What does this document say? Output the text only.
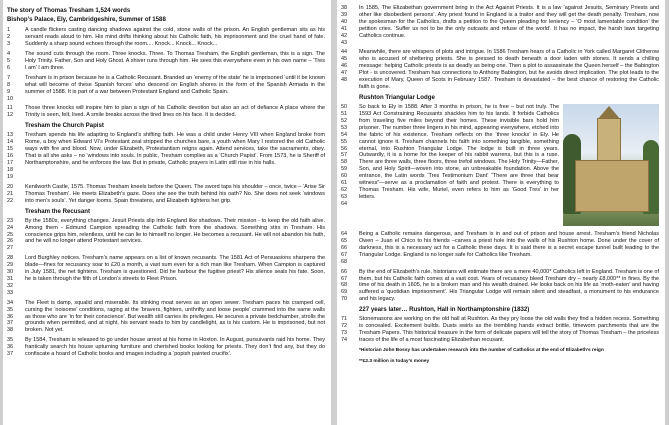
The story of Thomas Tresham 1,524 words

Bishop’s Palace, Ely, Cambridgeshire, Summer of 1588

1
2
3
A candle flickers casting dancing shadows against the cold, stone walls of the prison. An English gentleman sits as his servant reads aloud to him. His mind drifts thinking about his Catholic faith, his imprisonment and the cruel hand of fate. Suddenly a sharp sound echoes through the room.... Knock... Knock... Knock...
4
5
6
The sound cuts through the room. Three knocks. Three. To Thomas Tresham, the English gentleman, this is a sign. The Holy Trinity. Father, Son and Holy Ghost. A shiver runs through him. He sees this everywhere even in his own name – ‘Tres I am’ I am three.
7
8
9
10
Tresham is in prison because he is a Catholic Recusant. Branded an ‘enemy of the state’ he is imprisoned ‘until it be known what will become of these Spanish forces’ who descend on English shores in the form of the Spanish Armada in the summer of 1588. It is part of a war between Protestant England and Catholic Spain.
11
12
Those three knocks will inspire him to plan a sign of his Catholic devotion but also an act of defiance A place where the Trinity is seen, felt, lived. A smile breaks across the tired lines on his face. It is decided.

Tresham the Church Papist

13
14
15
16
17
18
19
Tresham spends his life adapting to England’s shifting faith. He was a child under Henry VIII when England broke from Rome, a boy when Edward VI’s Protestant zeal stripped the churches bare, a youth when Mary I restored the old Catholic ways with fire and blood. Now, under Elizabeth, Protestantism reigns again. Attend services, take the sacraments, obey. That is all she asks – no ‘windows into souls. In public, Tresham complies as a ‘Church Papist’. From 1573, he is Sheriff of Northamptonshire, and he enforces the law. But in private, Catholic prayers in Latin still rise in his halls.
20
21
22
Kenilworth Castle, 1575. Thomas Tresham kneels before the Queen. The sword taps his shoulder – once, twice – ‘Arise Sir Thomas Tresham’. He meets Elizabeth’s gaze. Does she see the truth behind his oath? No. She does not seek ‘windows into men’s souls’. Yet danger looms. Spain threatens, and Elizabeth tightens her grip.

Tresham the Recusant

23
24
25
26
27
By the 1580s, everything changes. Jesuit Priests slip into England like shadows. Their mission - to keep the old faith alive. Among them - Edmund Campion spreading the Catholic faith from the shadows. Something stirs in Tresham. His conscience grips him, relentless, until he can lie to himself no longer. He becomes a recusant. He will not abandon his faith, and he will no longer attend Protestant services.
28
29
30
31
32
33
Lord Burghley notices. Tresham’s name appears on a list of known recusants. The 1581 Act of Persuasions sharpens the blade—fines for recusancy soar to £20 a month, a vast sum even for a rich man like Tresham. When Campion is captured in July 1581, the net tightens. Tresham is questioned. Did he harbour the fugitive priest? His silence seals his fate. Soon, he is taken through the filth of London’s streets to Fleet Prison.
34
35
36
37
38
The Fleet is damp, squalid and miserable. Its stinking moat serves as an open sewer. Tresham paces his cramped cell, cursing the ‘noisome’ conditions, raging at the ‘bravers, fighters, unthrifty and loose people’ crammed into the same walls as those who are ‘in for their conscience’. But wealth still carries its privileges. He secures a private bedchamber, strolls the grounds when permitted, and at night, his servant reads to him by candlelight, as is his custom. He is imprisoned, but not broken. Not yet.
35
36
37
By 1584, Tresham is released to go under house arrest at his home in Hoxton. In August, pursuivants raid his home. They frantically search his house upturning furniture and cherished books looking for priests. They don’t find any, but they do confiscate a hoard of Catholic books and images including a ‘popish painted crucifix’.
38
39
40
41
42
43
In 1585, The Elizabethan government bring in the Act Against Priests. It is a law ‘against Jesuits, Seminary Priests and other like disobedient persons’. Any priest found in England is a traitor and they will get the death penalty. Tresham, now the spokesman for the Catholics, drafts a petition to the Queen pleading for leniency – ‘O most lamentable condition’ the petition cries. ‘Suffer us not to be the only outcasts and refuse of the world’. It has no impact, the harsh laws targeting Catholics continue.
44
45
46
47
48
Meanwhile, there are whispers of plots and intrigue. In 1586 Tresham hears of a Catholic in York called Margaret Clitherow who is accused of sheltering priests. She is pressed to death beneath a door laden with stones. It sends a chilling message: helping Catholic priests is as deadly as being one. Then a plot to assassinate the Queen herself – the Babington Plot - is uncovered. Tresham has connections to Anthony Babington, but he avoids direct implication. The plot leads to the execution of Mary, Queen of Scots in February 1587. Tresham is devastated – the best chance of restoring the Catholic faith is gone.

Rushton Triangular Lodge

50
51
52
53
54
55
56
57
58
59
60
61
62
63
64
So back to Ely in 1588. After 3 months in prison, he is free – but not truly. The 1593 Act Constraining Recusants shackles him to his lands. It forbids Catholics from traveling five miles beyond their homes. These invisible bars hold him prisoner. The number three lingers in his mind, appearing everywhere, etched into the fabric of his existence. Tresham reflects on the ‘three knocks’ in Ely. He cannot ignore it. Tresham channels his faith into something tangible, something eternal, into Rushton Triangular Lodge. The lodge is built in three years. Outwardly, it is a home for the keeper of his rabbit warrens, but this is a ruse. There are three walls, three floors, three trefoil windows. The Holy Trinity—Father, Son, and Holy Spirit—woven into stone, an unbreakable foundation. Above the entrance, the Latin words ‘Tres Testimonium Dant’ “There are three that bear witness”—serve as a proclamation of faith and protest. There is everything to Thomas Tresham. His wife, Muriel, even refers to him as ‘Good Tres’ in her letters.
64
65
66
67
68
Being a Catholic remains dangerous, and Tresham is in and out of prison and house arrest. Tresham’s friend Nicholas Owen – Juan el Chico to his friends –carves a priest hole into the walls of his Rushton home. Done under the cover of darkness, this is a necessary act for a Catholic these days. It is said there is a secret escape tunnel built leading to the Triangular Lodge. England is no longer safe for Catholics like Tresham.
66
67
68
69
70
By the end of Elizabeth’s rule, historians will estimate there are a mere 40,000* Catholics left in England. Tresham is one of them, but his Catholic faith comes at a vast cost. Years of recusancy bleed Tresham dry – nearly £8,000** in fines. By the time of his death in 1605, he is a broken man and his wealth drained. He looks back on his life as ‘moth-eaten’ and having suffered a ‘quotidian imprisonment’. His Triangular Lodge will remain silent and steadfast, a monument to his endurance and his legacy.

227 years later… Rushton, Hall in Northamptonshire (1832)

71
72
73
74
Stonemasons are working on the old hall at Rushton. As they pry loose the old walls they find a hidden recess. Something is concealed. Excitement builds. Dusts swirls as the trembling hands extract brittle, timeworn parchments that are the Tresham Papers. This historical treasure in the form of delicate papers will tell the story of Thomas Tresham – the priceless traces of the life of a most fascinating Elizabethan recusant.

*Historian John Bossy has undertaken research into the number of Catholics at the end of Elizabeth’s reign

**£2.3 million in today’s money
